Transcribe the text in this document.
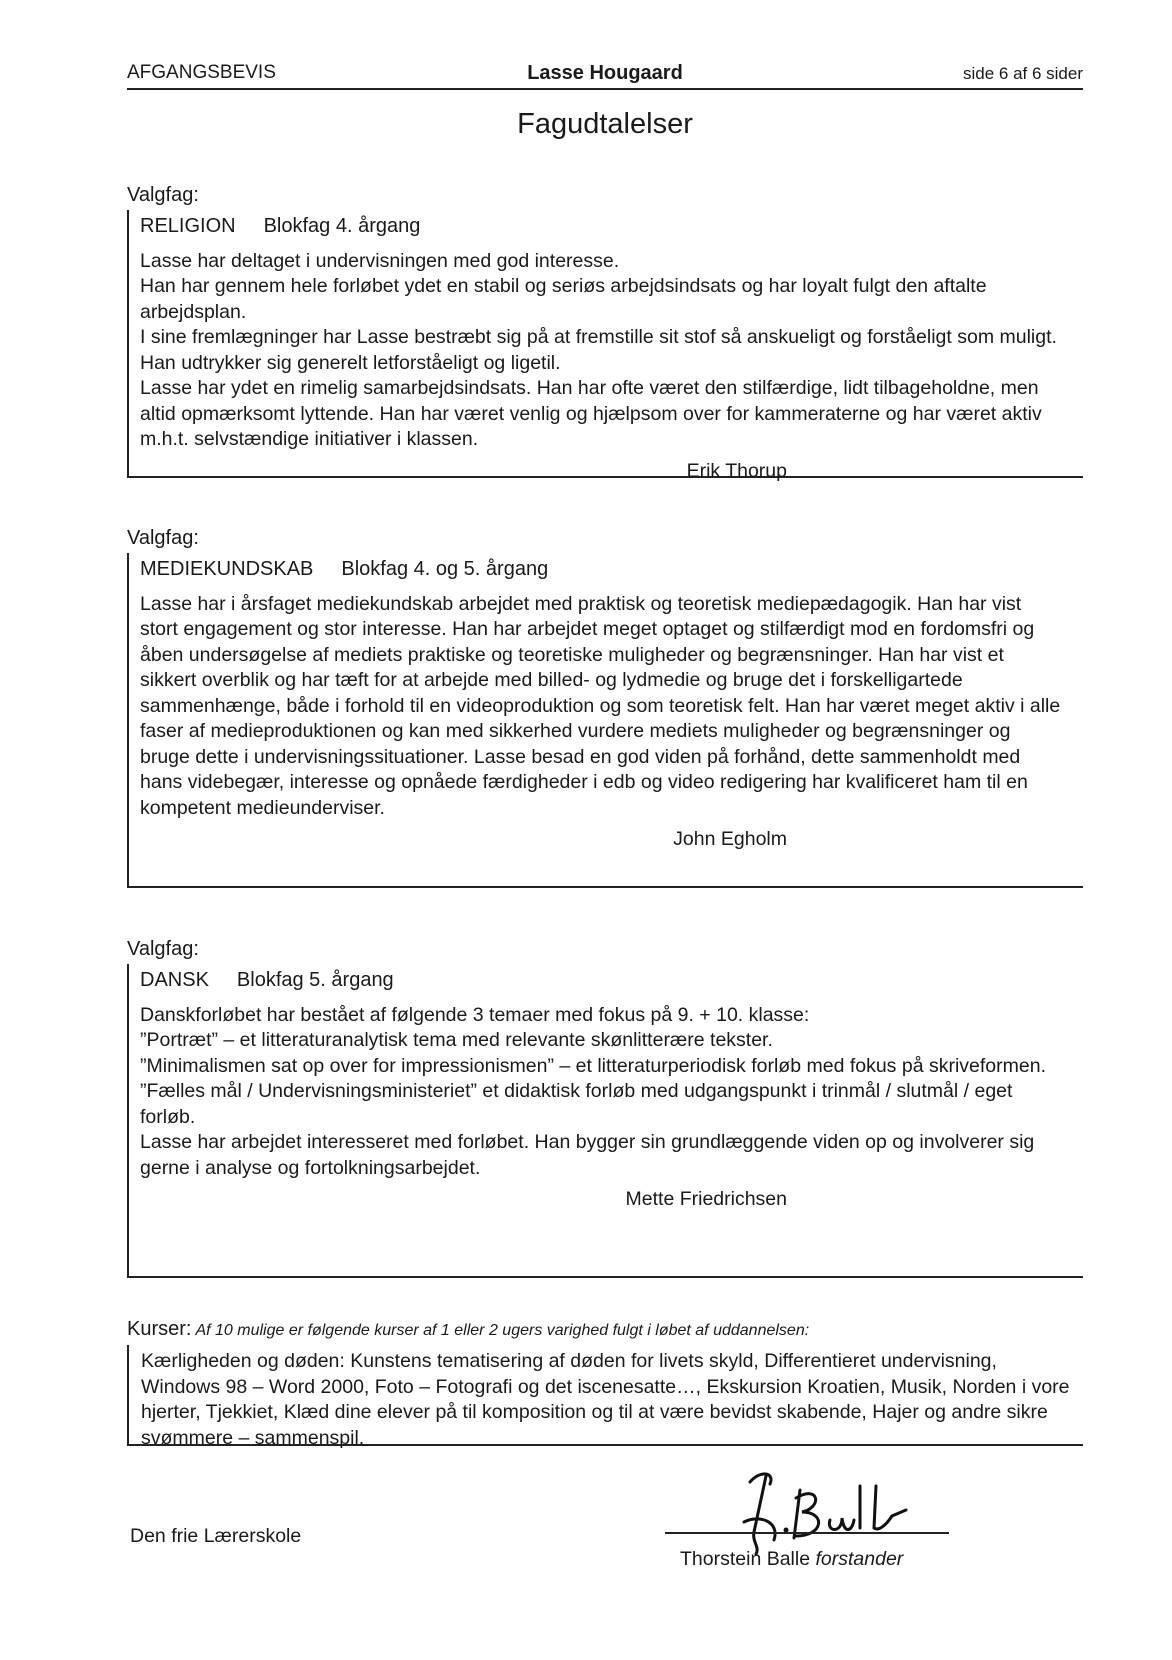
AFGANGSBEVIS	Lasse Hougaard	side 6 af 6 sider
Fagudtalelser
Valgfag:
RELIGION Blokfag 4. årgang

Lasse har deltaget i undervisningen med god interesse.

Han har gennem hele forløbet ydet en stabil og seriøs arbejdsindsats og har loyalt fulgt den aftalte arbejdsplan.

I sine fremlægninger har Lasse bestræbt sig på at fremstille sit stof så anskueligt og forståeligt som muligt. Han udtrykker sig generelt letforståeligt og ligetil.

Lasse har ydet en rimelig samarbejdsindsats. Han har ofte været den stilfærdige, lidt tilbageholdne, men altid opmærksomt lyttende. Han har været venlig og hjælpsom over for kammeraterne og har været aktiv m.h.t. selvstændige initiativer i klassen.

Erik Thorup
Valgfag:
MEDIEKUNDSKAB Blokfag 4. og 5. årgang

Lasse har i årsfaget mediekundskab arbejdet med praktisk og teoretisk mediepædagogik. Han har vist stort engagement og stor interesse. Han har arbejdet meget optaget og stilfærdigt mod en fordomsfri og åben undersøgelse af mediets praktiske og teoretiske muligheder og begrænsninger. Han har vist et sikkert overblik og har tæft for at arbejde med billed- og lydmedie og bruge det i forskelligartede sammenhænge, både i forhold til en videoproduktion og som teoretisk felt. Han har været meget aktiv i alle faser af medieproduktionen og kan med sikkerhed vurdere mediets muligheder og begrænsninger og bruge dette i undervisningssituationer. Lasse besad en god viden på forhånd, dette sammenholdt med hans videbegær, interesse og opnåede færdigheder i edb og video redigering har kvalificeret ham til en kompetent medieunderviser.

John Egholm
Valgfag:
DANSK Blokfag 5. årgang

Danskforløbet har bestået af følgende 3 temaer med fokus på 9. + 10. klasse:

”Portræt” – et litteraturanalytisk tema med relevante skønlitterære tekster.

”Minimalismen sat op over for impressionismen” – et litteraturperiodisk forløb med fokus på skriveformen.

”Fælles mål / Undervisningsministeriet” et didaktisk forløb med udgangspunkt i trinmål / slutmål / eget forløb.

Lasse har arbejdet interesseret med forløbet. Han bygger sin grundlæggende viden op og involverer sig gerne i analyse og fortolkningsarbejdet.

Mette Friedrichsen
Kurser: Af 10 mulige er følgende kurser af 1 eller 2 ugers varighed fulgt i løbet af uddannelsen:

Kærligheden og døden: Kunstens tematisering af døden for livets skyld, Differentieret undervisning, Windows 98 – Word 2000, Foto – Fotografi og det iscenesatte…, Ekskursion Kroatien, Musik, Norden i vore hjerter, Tjekkiet, Klæd dine elever på til komposition og til at være bevidst skabende, Hajer og andre sikre svømmere – sammenspil.

Den frie Lærerskole
Thorstein Balle forstander
